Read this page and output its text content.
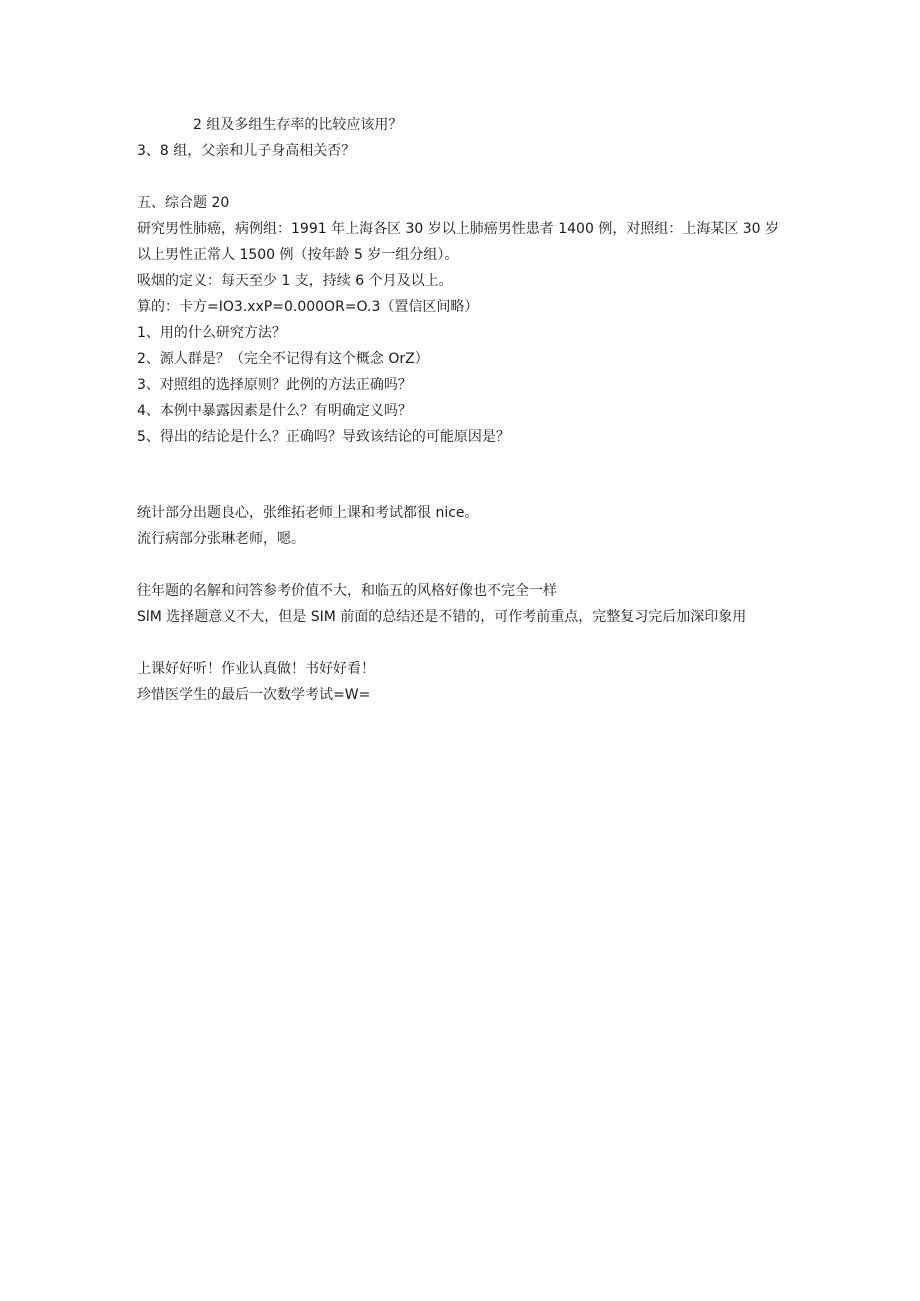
2 组及多组生存率的比较应该用？
3、8 组，父亲和儿子身高相关否？
五、综合题 20
研究男性肺癌，病例组：1991 年上海各区 30 岁以上肺癌男性患者 1400 例，对照组：上海某区 30 岁以上男性正常人 1500 例（按年龄 5 岁一组分组）。
吸烟的定义：每天至少 1 支，持续 6 个月及以上。
算的：卡方=IO3.xxP=0.000OR=O.3（置信区间略）
1、用的什么研究方法？
2、源人群是？（完全不记得有这个概念 OrZ）
3、对照组的选择原则？此例的方法正确吗？
4、本例中暴露因素是什么？有明确定义吗？
5、得出的结论是什么？正确吗？导致该结论的可能原因是？
统计部分出题良心，张维拓老师上课和考试都很 nice。
流行病部分张琳老师，嗯。
往年题的名解和问答参考价值不大，和临五的风格好像也不完全一样
SlM 选择题意义不大，但是 SIM 前面的总结还是不错的，可作考前重点，完整复习完后加深印象用
上课好好听！作业认真做！书好好看！
珍惜医学生的最后一次数学考试=W=
